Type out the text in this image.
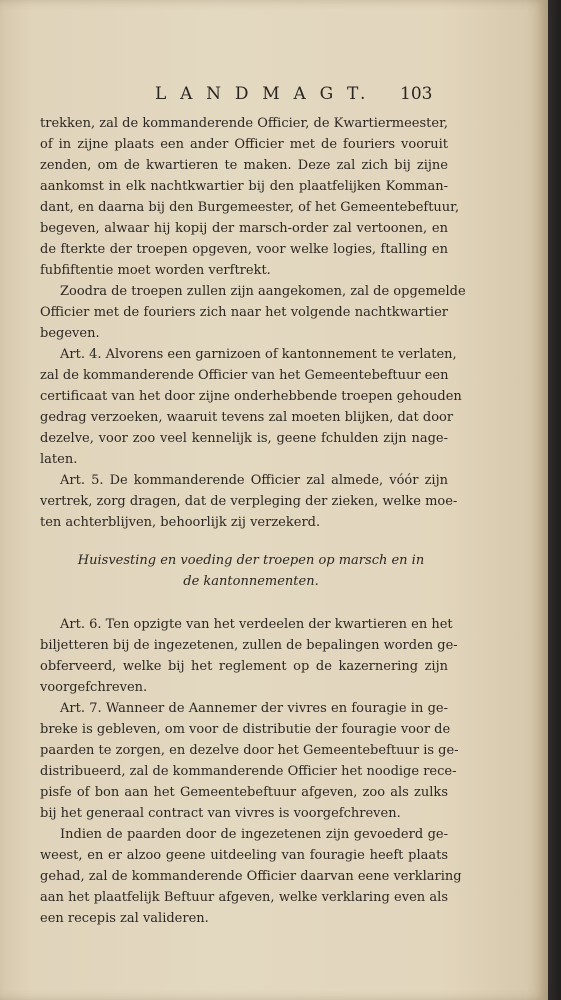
L A N D M A G T. 103
trekken, zal de kommanderende Officier, de Kwartiermeester,
of in zijne plaats een ander Officier met de fouriers vooruit
zenden, om de kwartieren te maken. Deze zal zich bij zijne
aankomst in elk nachtkwartier bij den plaatfelijken Komman-
dant, en daarna bij den Burgemeester, of het Gemeentebeftuur,
begeven, alwaar hij kopij der marsch-order zal vertoonen, en
de fterkte der troepen opgeven, voor welke logies, ftalling en
fubfiftentie moet worden verftrekt.
Zoodra de troepen zullen zijn aangekomen, zal de opgemelde
Officier met de fouriers zich naar het volgende nachtkwartier
begeven.
Art. 4. Alvorens een garnizoen of kantonnement te verlaten,
zal de kommanderende Officier van het Gemeentebeftuur een
certificaat van het door zijne onderhebbende troepen gehouden
gedrag verzoeken, waaruit tevens zal moeten blijken, dat door
dezelve, voor zoo veel kennelijk is, geene fchulden zijn nage-
laten.
Art. 5. De kommanderende Officier zal almede, vóór zijn
vertrek, zorg dragen, dat de verpleging der zieken, welke moe-
ten achterblijven, behoorlijk zij verzekerd.
Huisvesting en voeding der troepen op marsch en in
de kantonnementen.
Art. 6. Ten opzigte van het verdeelen der kwartieren en het
biljetteren bij de ingezetenen, zullen de bepalingen worden ge-
obferveerd, welke bij het reglement op de kazernering zijn
voorgefchreven.
Art. 7. Wanneer de Aannemer der vivres en fouragie in ge-
breke is gebleven, om voor de distributie der fouragie voor de
paarden te zorgen, en dezelve door het Gemeentebeftuur is ge-
distribueerd, zal de kommanderende Officier het noodige rece-
pisfe of bon aan het Gemeentebeftuur afgeven, zoo als zulks
bij het generaal contract van vivres is voorgefchreven.
Indien de paarden door de ingezetenen zijn gevoederd ge-
weest, en er alzoo geene uitdeeling van fouragie heeft plaats
gehad, zal de kommanderende Officier daarvan eene verklaring
aan het plaatfelijk Beftuur afgeven, welke verklaring even als
een recepis zal valideren.
